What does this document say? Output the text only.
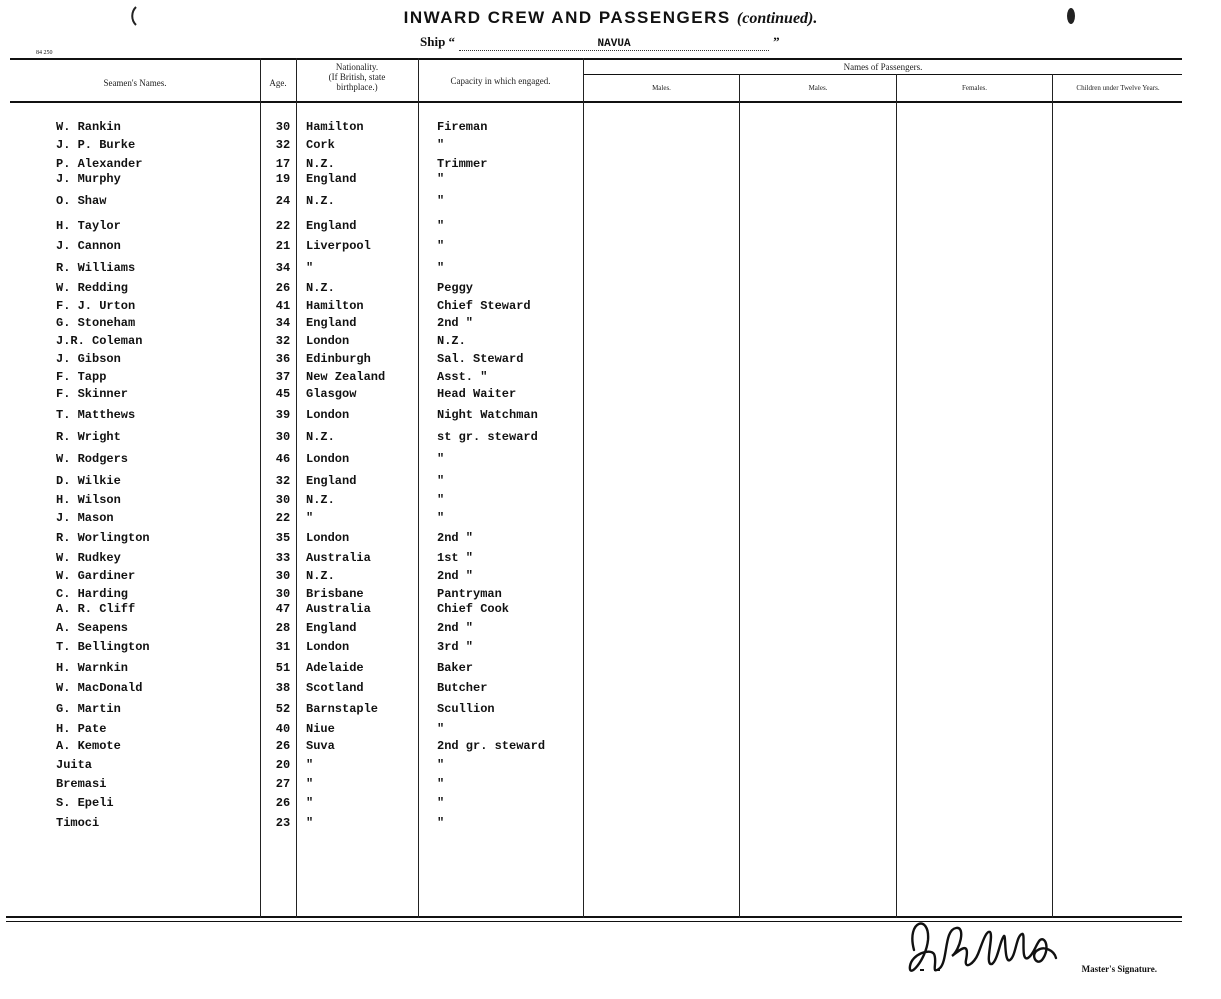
INWARD CREW AND PASSENGERS (continued).
Ship “	NAVUA	”
84 250
Seamen's Names.	Age.
Nationality.
(If British, state birthplace.)
Capacity in which engaged.
Names of Passengers.
Males.	Males.	Females.	Children under Twelve Years.
W. Rankin	30	Hamilton	Fireman
J. P. Burke	32	Cork	"
P. Alexander	17	N.Z.	Trimmer
J. Murphy	19	England	"
O. Shaw	24	N.Z.	"
H. Taylor	22	England	"
J. Cannon	21	Liverpool	"
R. Williams	34	"	"
W. Redding	26	N.Z.	Peggy
F. J. Urton	41	Hamilton	Chief Steward
G. Stoneham	34	England	2nd "
J.R. Coleman	32	London	N.Z.
J. Gibson	36	Edinburgh	Sal. Steward
F. Tapp	37	New Zealand	Asst. "
F. Skinner	45	Glasgow	Head Waiter
T. Matthews	39	London	Night Watchman
R. Wright	30	N.Z.	st gr. steward
W. Rodgers	46	London	"
D. Wilkie	32	England	"
H. Wilson	30	N.Z.	"
J. Mason	22	"	"
R. Worlington	35	London	2nd "
W. Rudkey	33	Australia	1st "
W. Gardiner	30	N.Z.	2nd "
C. Harding	30	Brisbane	Pantryman
A. R. Cliff	47	Australia	Chief Cook
A. Seapens	28	England	2nd "
T. Bellington	31	London	3rd "
H. Warnkin	51	Adelaide	Baker
W. MacDonald	38	Scotland	Butcher
G. Martin	52	Barnstaple	Scullion
H. Pate	40	Niue	"
A. Kemote	26	Suva	2nd gr. steward
Juita	20	"	"
Bremasi	27	"	"
S. Epeli	26	"	"
Timoci	23	"	"
Master's Signature.
